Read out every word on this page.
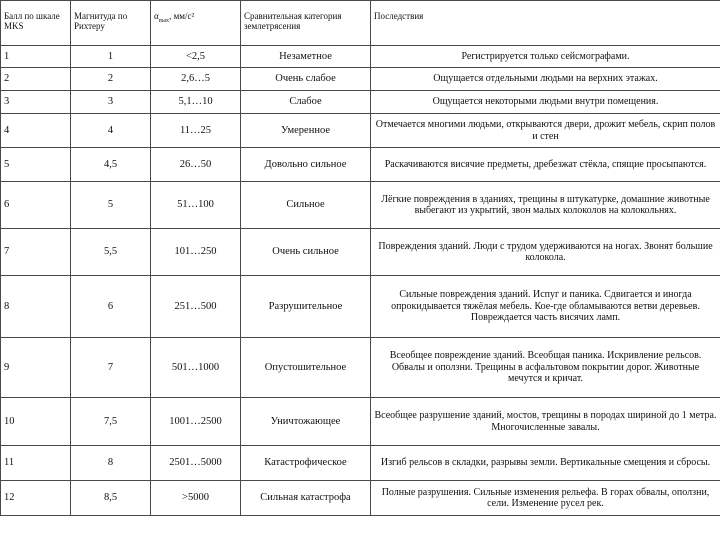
Балл по шкале MKS	Магнитуда по Рихтеру	$\alpha_{max}$, мм/с²	Сравнительная категория землетрясения	Последствия
1	1	<2,5	Незаметное	Регистрируется только сейсмографами.
2	2	2,6…5	Очень слабое	Ощущается отдельными людьми на верхних этажах.
3	3	5,1…10	Слабое	Ощущается некоторыми людьми внутри помещения.
4	4	11…25	Умеренное	Отмечается многими людьми, открываются двери, дрожит мебель, скрип полов и стен
5	4,5	26…50	Довольно сильное	Раскачиваются висячие предметы, дребезжат стёкла, спящие просыпаются.
6	5	51…100	Сильное	Лёгкие повреждения в зданиях, трещины в штукатурке, домашние животные выбегают из укрытий, звон малых колоколов на колокольнях.
7	5,5	101…250	Очень сильное	Повреждения зданий. Люди с трудом удерживаются на ногах. Звонят большие колокола.
8	6	251…500	Разрушительное	Сильные повреждения зданий. Испуг и паника. Сдвигается и иногда опрокидывается тяжёлая мебель. Кое-где обламываются ветви деревьев. Повреждается часть висячих ламп.
9	7	501…1000	Опустошительное	Всеобщее повреждение зданий. Всеобщая паника. Искривление рельсов. Обвалы и оползни. Трещины в асфальтовом покрытии дорог. Животные мечутся и кричат.
10	7,5	1001…2500	Уничтожающее	Всеобщее разрушение зданий, мостов, трещины в породах шириной до 1 метра. Многочисленные завалы.
11	8	2501…5000	Катастрофическое	Изгиб рельсов в складки, разрывы земли. Вертикальные смещения и сбросы.
12	8,5	>5000	Сильная катастрофа	Полные разрушения. Сильные изменения рельефа. В горах обвалы, оползни, сели. Изменение русел рек.
